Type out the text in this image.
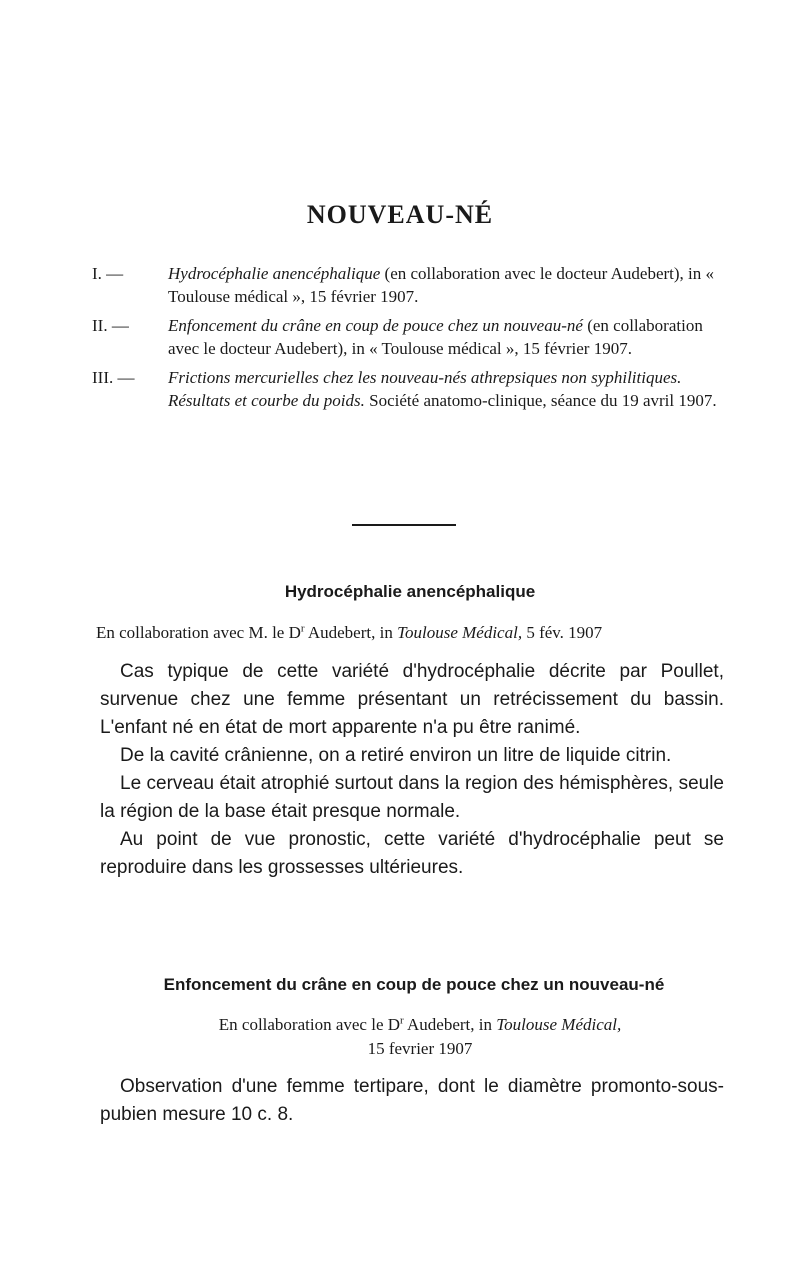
NOUVEAU-NÉ
I. —	Hydrocéphalie anencéphalique (en collaboration avec le docteur Audebert), in « Toulouse médical », 15 février 1907.
II. — Enfoncement du crâne en coup de pouce chez un nouveau-né (en collaboration avec le docteur Audebert), in « Toulouse médical », 15 février 1907.
III. — Frictions mercurielles chez les nouveau-nés athrepsiques non syphilitiques. Résultats et courbe du poids. Société anatomo-clinique, séance du 19 avril 1907.
Hydrocéphalie anencéphalique
En collaboration avec M. le $D^r$ Audebert, in Toulouse Médical, 5 fév. 1907

Cas typique de cette variété d'hydrocéphalie décrite par Poullet, survenue chez une femme présentant un retrécissement du bassin. L'enfant né en état de mort apparente n'a pu être ranimé.

De la cavité crânienne, on a retiré environ un litre de liquide citrin.

Le cerveau était atrophié surtout dans la region des hémisphères, seule la région de la base était presque normale.

Au point de vue pronostic, cette variété d'hydrocéphalie peut se reproduire dans les grossesses ultérieures.

Enfoncement du crâne en coup de pouce chez un nouveau-né
En collaboration avec le $D^r$ Audebert, in Toulouse Médical,
15 fevrier 1907

Observation d'une femme tertipare, dont le diamètre promonto-sous-pubien mesure 10 c. 8.
